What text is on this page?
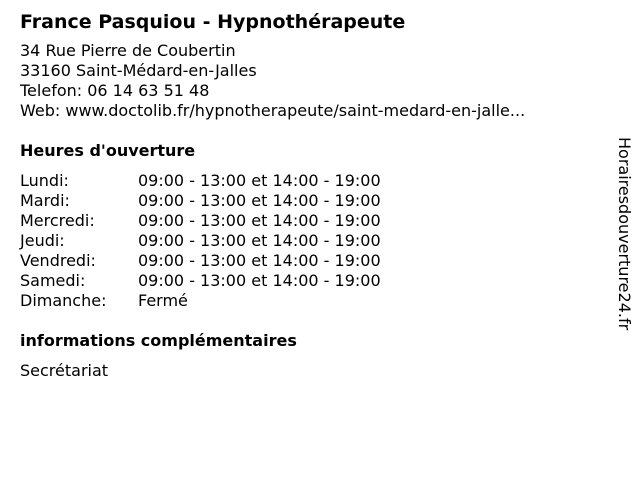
France Pasquiou - Hypnothérapeute
34 Rue Pierre de Coubertin
33160 Saint-Médard-en-Jalles
Telefon: 06 14 63 51 48
Web: www.doctolib.fr/hypnotherapeute/saint-medard-en-jalle...
Heures d'ouverture
Lundi:	09:00 - 13:00 et 14:00 - 19:00
Mardi:	09:00 - 13:00 et 14:00 - 19:00
Mercredi:	09:00 - 13:00 et 14:00 - 19:00
Jeudi:	09:00 - 13:00 et 14:00 - 19:00
Vendredi:	09:00 - 13:00 et 14:00 - 19:00
Samedi:	09:00 - 13:00 et 14:00 - 19:00
Dimanche:	Fermé
informations complémentaires
Secrétariat
Horairesdouverture24.fr
